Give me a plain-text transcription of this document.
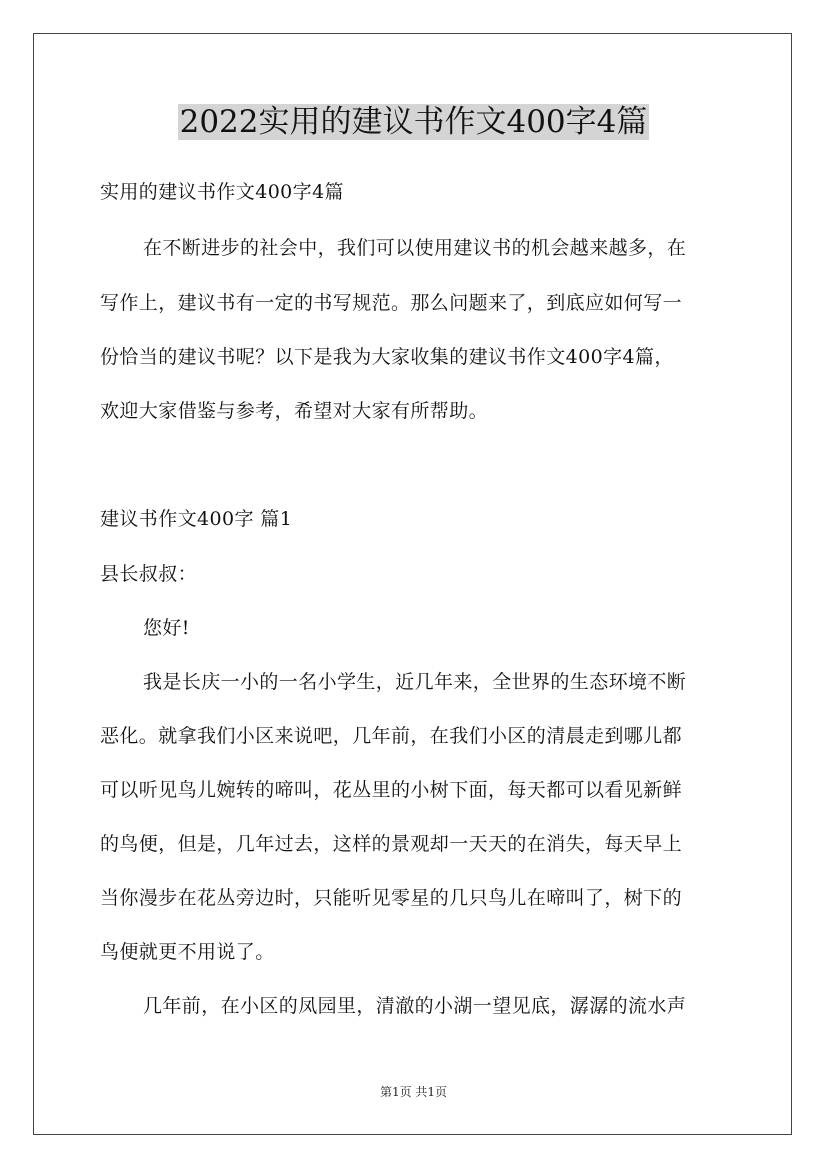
2022实用的建议书作文400字4篇
实用的建议书作文400字4篇
在不断进步的社会中，我们可以使用建议书的机会越来越多，在
写作上，建议书有一定的书写规范。那么问题来了，到底应如何写一
份恰当的建议书呢？以下是我为大家收集的建议书作文400字4篇，
欢迎大家借鉴与参考，希望对大家有所帮助。
建议书作文400字 篇1
县长叔叔：
您好!
我是长庆一小的一名小学生，近几年来，全世界的生态环境不断
恶化。就拿我们小区来说吧，几年前，在我们小区的清晨走到哪儿都
可以听见鸟儿婉转的啼叫，花丛里的小树下面，每天都可以看见新鲜
的鸟便，但是，几年过去，这样的景观却一天天的在消失，每天早上
当你漫步在花丛旁边时，只能听见零星的几只鸟儿在啼叫了，树下的
鸟便就更不用说了。
几年前，在小区的凤园里，清澈的小湖一望见底，潺潺的流水声
第1页 共1页
